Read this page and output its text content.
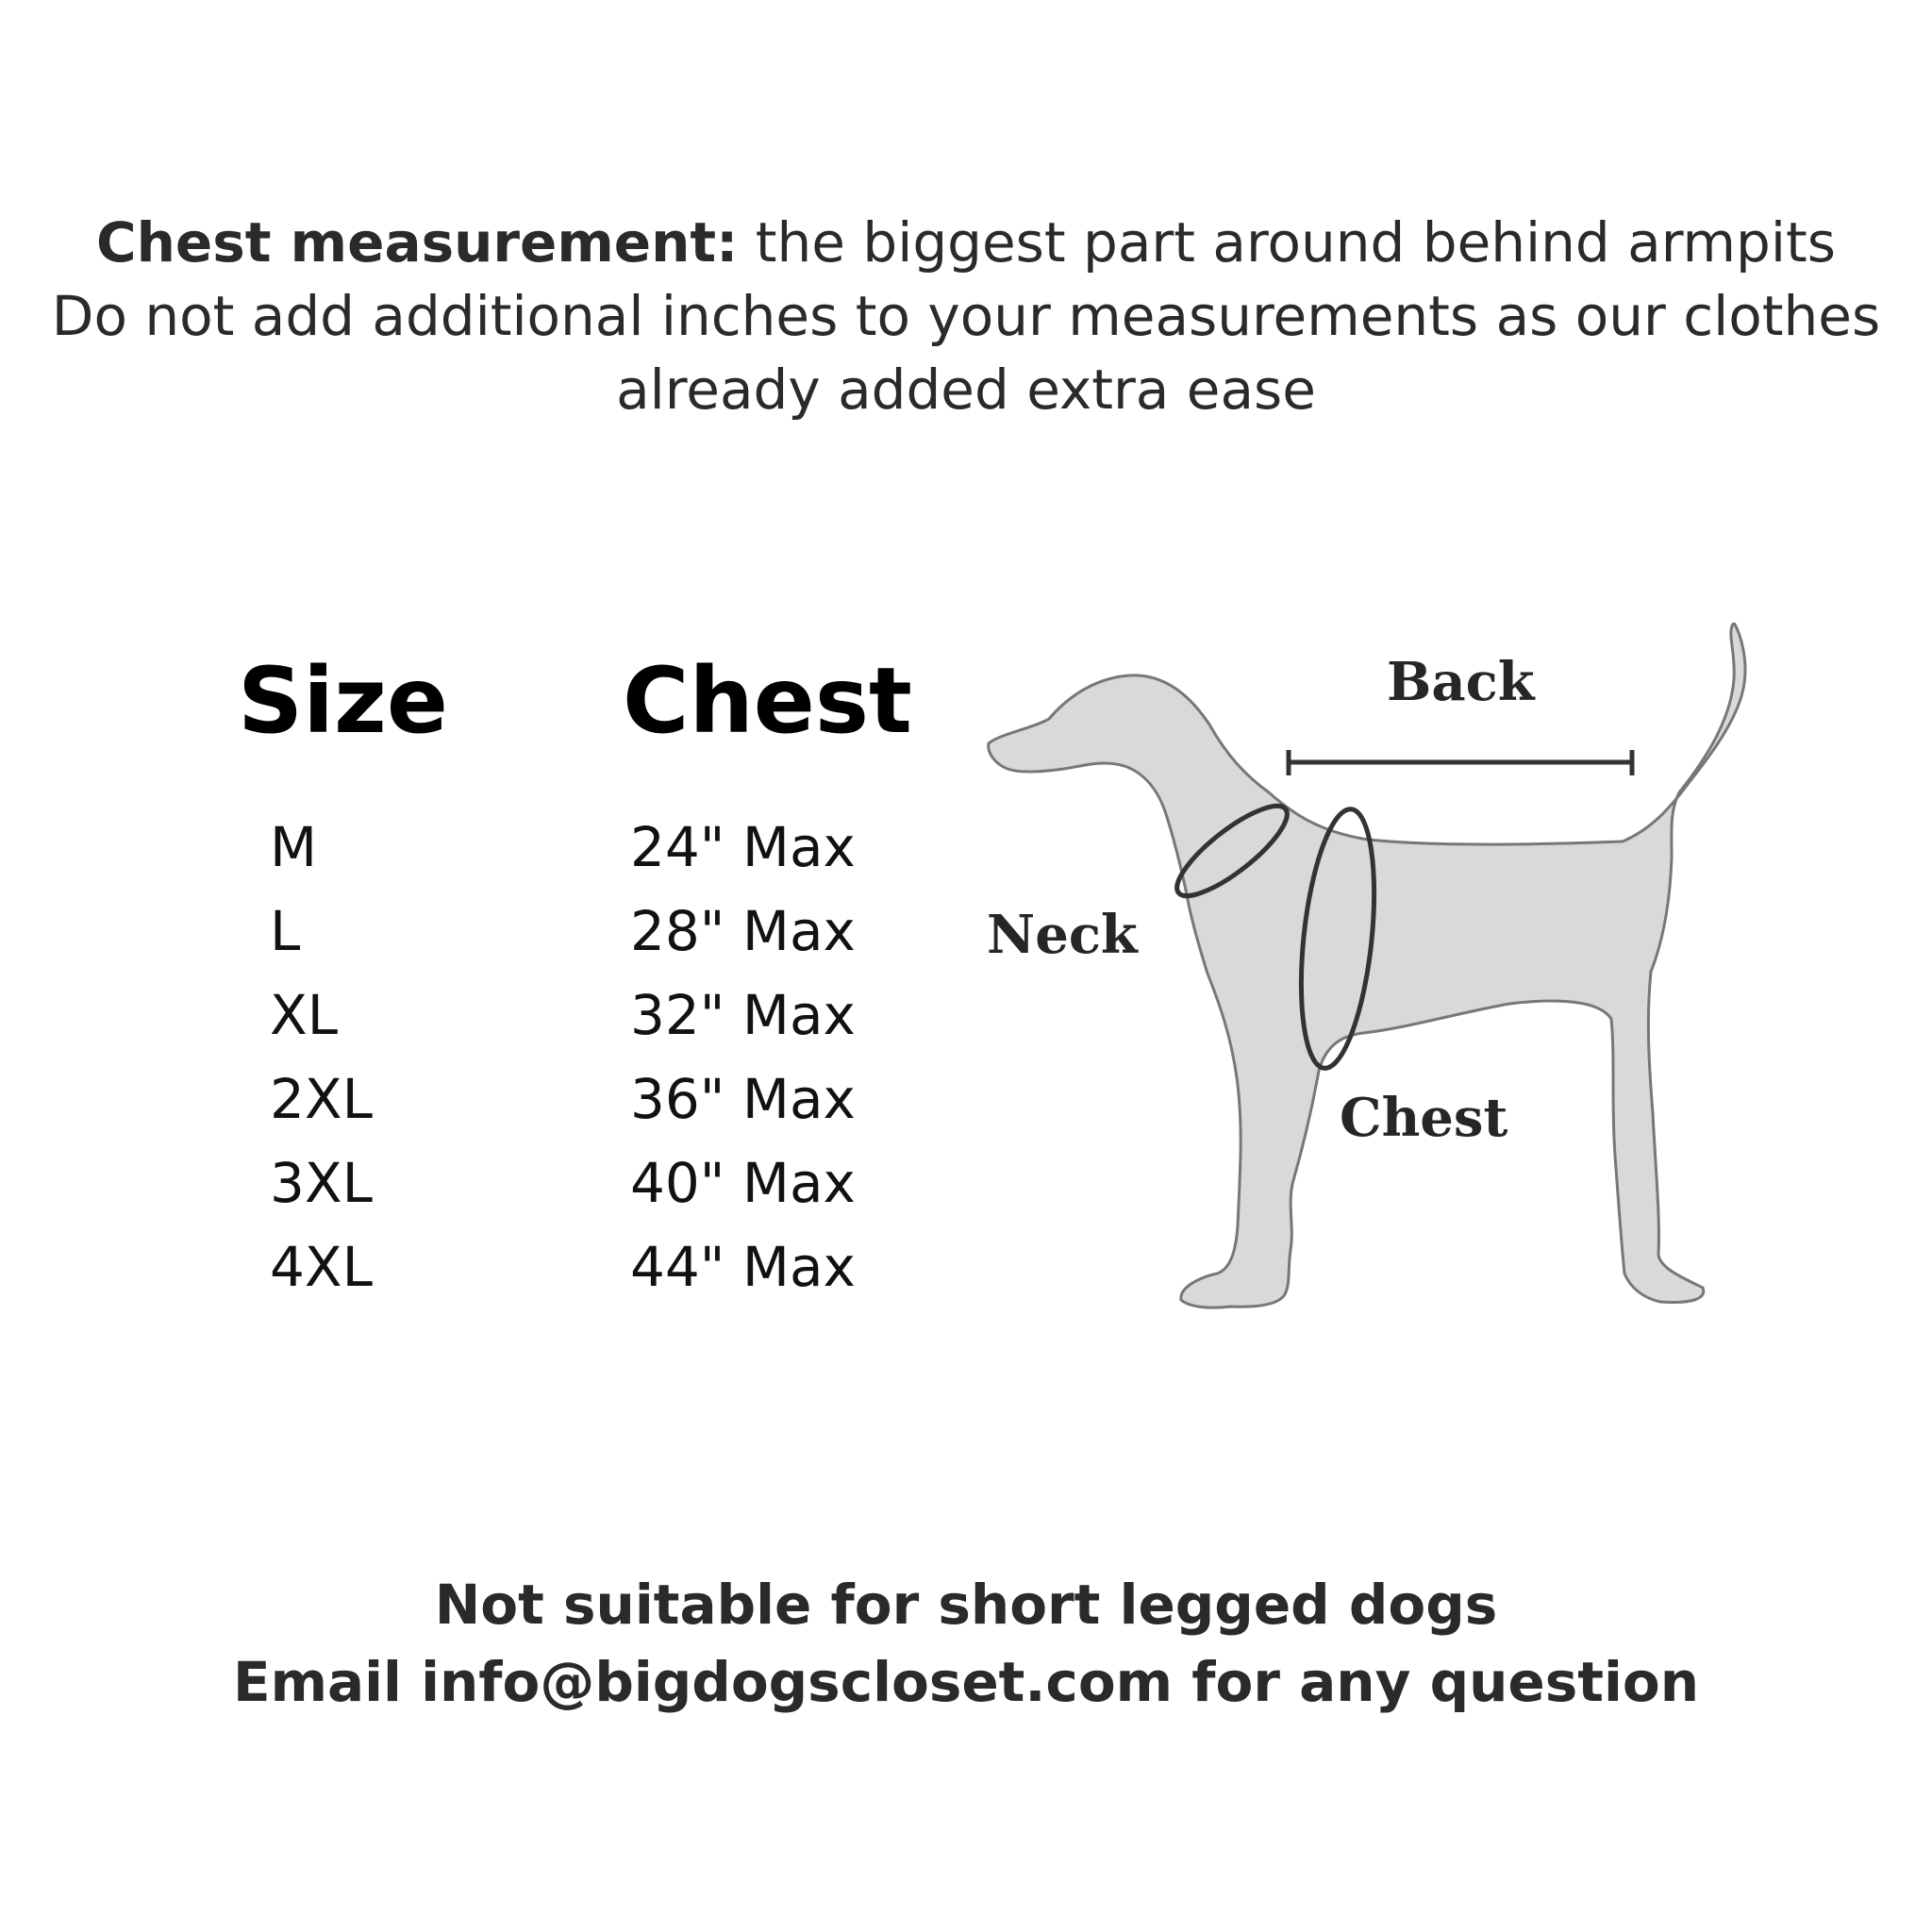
Chest measurement: the biggest part around behind armpits
Do not add additional inches to your measurements as our clothes
already added extra ease
Size Chest
M
L
XL
2XL
3XL
4XL
24" Max
28" Max
32" Max
36" Max
40" Max
44" Max
Back
Neck
Chest
Not suitable for short legged dogs
Email info@bigdogscloset.com for any question
